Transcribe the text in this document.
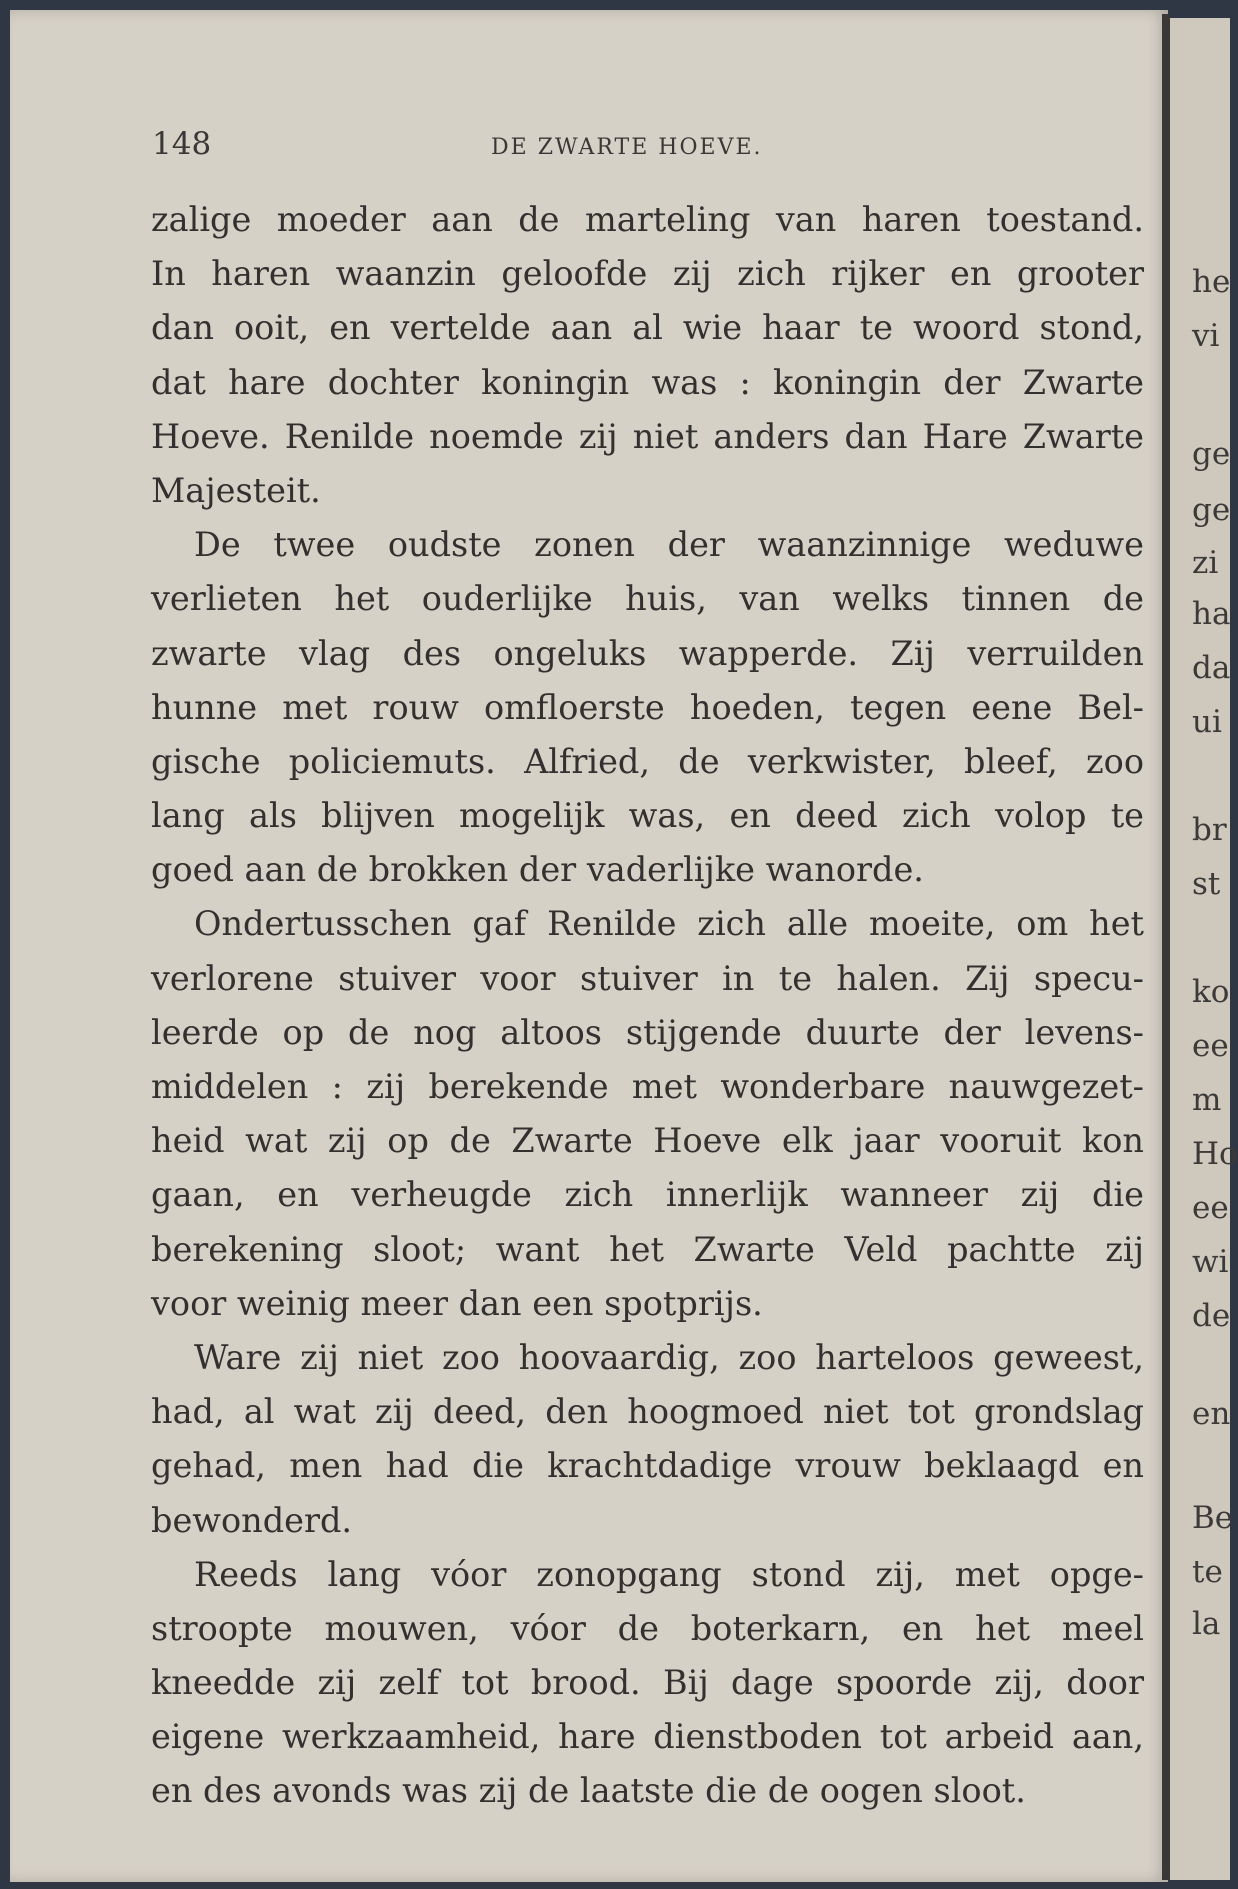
148	DE ZWARTE HOEVE.
zalige moeder aan de marteling van haren toestand.
In haren waanzin geloofde zij zich rijker en grooter
dan ooit, en vertelde aan al wie haar te woord stond,
dat hare dochter koningin was : koningin der Zwarte
Hoeve. Renilde noemde zij niet anders dan Hare Zwarte
Majesteit.
De twee oudste zonen der waanzinnige weduwe
verlieten het ouderlijke huis, van welks tinnen de
zwarte vlag des ongeluks wapperde. Zij verruilden
hunne met rouw omfloerste hoeden, tegen eene Bel-
gische policiemuts. Alfried, de verkwister, bleef, zoo
lang als blijven mogelijk was, en deed zich volop te
goed aan de brokken der vaderlijke wanorde.
Ondertusschen gaf Renilde zich alle moeite, om het
verlorene stuiver voor stuiver in te halen. Zij specu-
leerde op de nog altoos stijgende duurte der levens-
middelen : zij berekende met wonderbare nauwgezet-
heid wat zij op de Zwarte Hoeve elk jaar vooruit kon
gaan, en verheugde zich innerlijk wanneer zij die
berekening sloot; want het Zwarte Veld pachtte zij
voor weinig meer dan een spotprijs.
Ware zij niet zoo hoovaardig, zoo harteloos geweest,
had, al wat zij deed, den hoogmoed niet tot grondslag
gehad, men had die krachtdadige vrouw beklaagd en
bewonderd.
Reeds lang vóor zonopgang stond zij, met opge-
stroopte mouwen, vóor de boterkarn, en het meel
kneedde zij zelf tot brood. Bij dage spoorde zij, door
eigene werkzaamheid, hare dienstboden tot arbeid aan,
en des avonds was zij de laatste die de oogen sloot.
he
vi
ge
ge
zi
ha
da
ui
br
st
ko
ee
m
Ho
ee
wi
de
en
Be
te
la
